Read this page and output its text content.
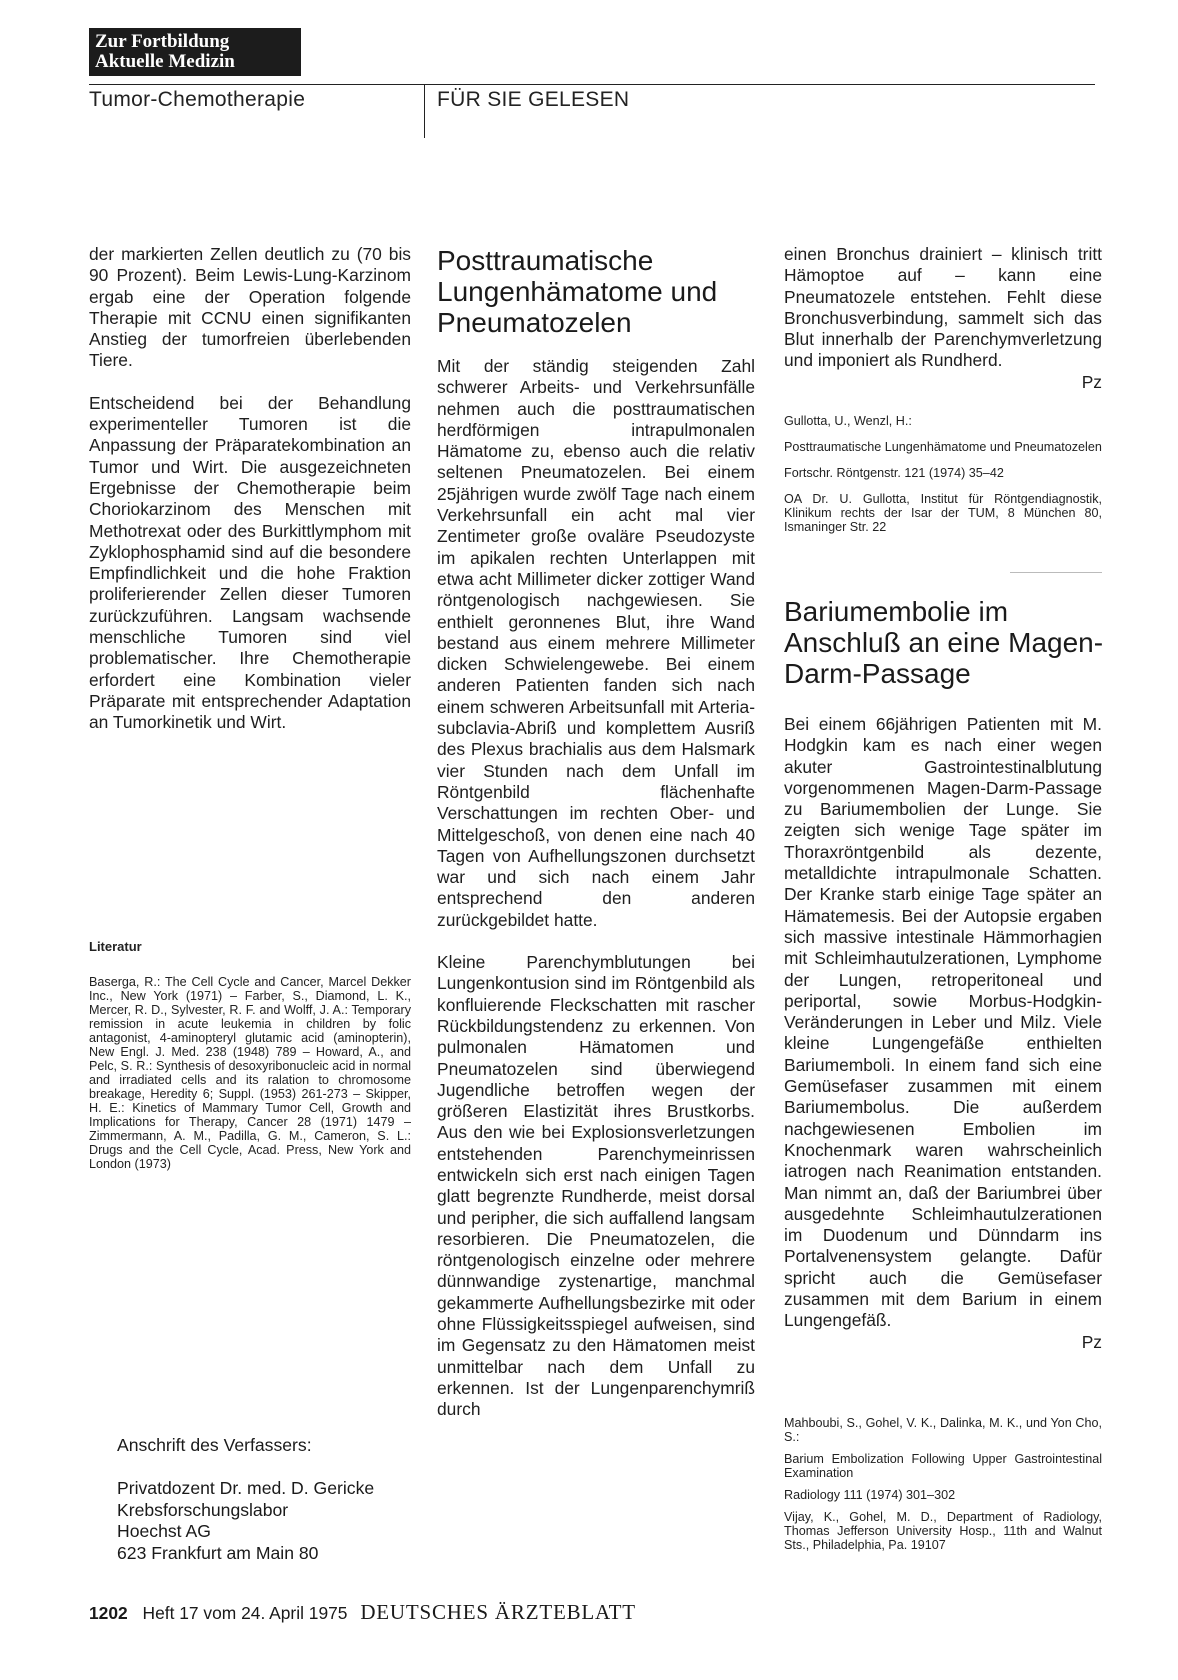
Zur Fortbildung
Aktuelle Medizin
Tumor-Chemotherapie	FÜR SIE GELESEN

der markierten Zellen deutlich zu (70 bis 90 Prozent). Beim Lewis-Lung-Karzinom ergab eine der Operation folgende Therapie mit CCNU einen signifikanten Anstieg der tumorfreien überlebenden Tiere.

Entscheidend bei der Behandlung experimenteller Tumoren ist die Anpassung der Präparatekombination an Tumor und Wirt. Die ausgezeichneten Ergebnisse der Chemotherapie beim Choriokarzinom des Menschen mit Methotrexat oder des Burkittlymphom mit Zyklophosphamid sind auf die besondere Empfindlichkeit und die hohe Fraktion proliferierender Zellen dieser Tumoren zurückzuführen. Langsam wachsende menschliche Tumoren sind viel problematischer. Ihre Chemotherapie erfordert eine Kombination vieler Präparate mit entsprechender Adaptation an Tumorkinetik und Wirt.

Literatur
Baserga, R.: The Cell Cycle and Cancer, Marcel Dekker Inc., New York (1971) – Farber, S., Diamond, L. K., Mercer, R. D., Sylvester, R. F. and Wolff, J. A.: Temporary remission in acute leukemia in children by folic antagonist, 4-aminopteryl glutamic acid (aminopterin), New Engl. J. Med. 238 (1948) 789 – Howard, A., and Pelc, S. R.: Synthesis of desoxyribonucleic acid in normal and irradiated cells and its ralation to chromosome breakage, Heredity 6; Suppl. (1953) 261-273 – Skipper, H. E.: Kinetics of Mammary Tumor Cell, Growth and Implications for Therapy, Cancer 28 (1971) 1479 – Zimmermann, A. M., Padilla, G. M., Cameron, S. L.: Drugs and the Cell Cycle, Acad. Press, New York and London (1973)
Anschrift des Verfassers:
Privatdozent Dr. med. D. Gericke
Krebsforschungslabor
Hoechst AG
623 Frankfurt am Main 80
Posttraumatische Lungenhämatome und Pneumatozelen

Mit der ständig steigenden Zahl schwerer Arbeits- und Verkehrsunfälle nehmen auch die posttraumatischen herdförmigen intrapulmonalen Hämatome zu, ebenso auch die relativ seltenen Pneumatozelen. Bei einem 25jährigen wurde zwölf Tage nach einem Verkehrsunfall ein acht mal vier Zentimeter große ovaläre Pseudozyste im apikalen rechten Unterlappen mit etwa acht Millimeter dicker zottiger Wand röntgenologisch nachgewiesen. Sie enthielt geronnenes Blut, ihre Wand bestand aus einem mehrere Millimeter dicken Schwielengewebe. Bei einem anderen Patienten fanden sich nach einem schweren Arbeitsunfall mit Arteria-subclavia-Abriß und komplettem Ausriß des Plexus brachialis aus dem Halsmark vier Stunden nach dem Unfall im Röntgenbild flächenhafte Verschattungen im rechten Ober- und Mittelgeschoß, von denen eine nach 40 Tagen von Aufhellungszonen durchsetzt war und sich nach einem Jahr entsprechend den anderen zurückgebildet hatte.

Kleine Parenchymblutungen bei Lungenkontusion sind im Röntgenbild als konfluierende Fleckschatten mit rascher Rückbildungstendenz zu erkennen. Von pulmonalen Hämatomen und Pneumatozelen sind überwiegend Jugendliche betroffen wegen der größeren Elastizität ihres Brustkorbs. Aus den wie bei Explosionsverletzungen entstehenden Parenchymeinrissen entwickeln sich erst nach einigen Tagen glatt begrenzte Rundherde, meist dorsal und peripher, die sich auffallend langsam resorbieren. Die Pneumatozelen, die röntgenologisch einzelne oder mehrere dünnwandige zystenartige, manchmal gekammerte Aufhellungsbezirke mit oder ohne Flüssigkeitsspiegel aufweisen, sind im Gegensatz zu den Hämatomen meist unmittelbar nach dem Unfall zu erkennen. Ist der Lungenparenchymriß durch

einen Bronchus drainiert – klinisch tritt Hämoptoe auf – kann eine Pneumatozele entstehen. Fehlt diese Bronchusverbindung, sammelt sich das Blut innerhalb der Parenchymverletzung und imponiert als Rundherd.
Pz

Gullotta, U., Wenzl, H.:

Posttraumatische Lungenhämatome und Pneumatozelen

Fortschr. Röntgenstr. 121 (1974) 35–42

OA Dr. U. Gullotta, Institut für Röntgendiagnostik, Klinikum rechts der Isar der TUM, 8 München 80, Ismaninger Str. 22

Bariumembolie im Anschluß an eine Magen-Darm-Passage
Bei einem 66jährigen Patienten mit M. Hodgkin kam es nach einer wegen akuter Gastrointestinalblutung vorgenommenen Magen-Darm-Passage zu Bariumembolien der Lunge. Sie zeigten sich wenige Tage später im Thoraxröntgenbild als dezente, metalldichte intrapulmonale Schatten. Der Kranke starb einige Tage später an Hämatemesis. Bei der Autopsie ergaben sich massive intestinale Hämmorhagien mit Schleimhautulzerationen, Lymphome der Lungen, retroperitoneal und periportal, sowie Morbus-Hodgkin-Veränderungen in Leber und Milz. Viele kleine Lungengefäße enthielten Bariumemboli. In einem fand sich eine Gemüsefaser zusammen mit einem Bariumembolus. Die außerdem nachgewiesenen Embolien im Knochenmark waren wahrscheinlich iatrogen nach Reanimation entstanden. Man nimmt an, daß der Bariumbrei über ausgedehnte Schleimhautulzerationen im Duodenum und Dünndarm ins Portalvenensystem gelangte. Dafür spricht auch die Gemüsefaser zusammen mit dem Barium in einem Lungengefäß.
Pz

Mahboubi, S., Gohel, V. K., Dalinka, M. K., und Yon Cho, S.:

Barium Embolization Following Upper Gastrointestinal Examination

Radiology 111 (1974) 301–302

Vijay, K., Gohel, M. D., Department of Radiology, Thomas Jefferson University Hosp., 11th and Walnut Sts., Philadelphia, Pa. 19107

1202 Heft 17 vom 24. April 1975 DEUTSCHES ÄRZTEBLATT
